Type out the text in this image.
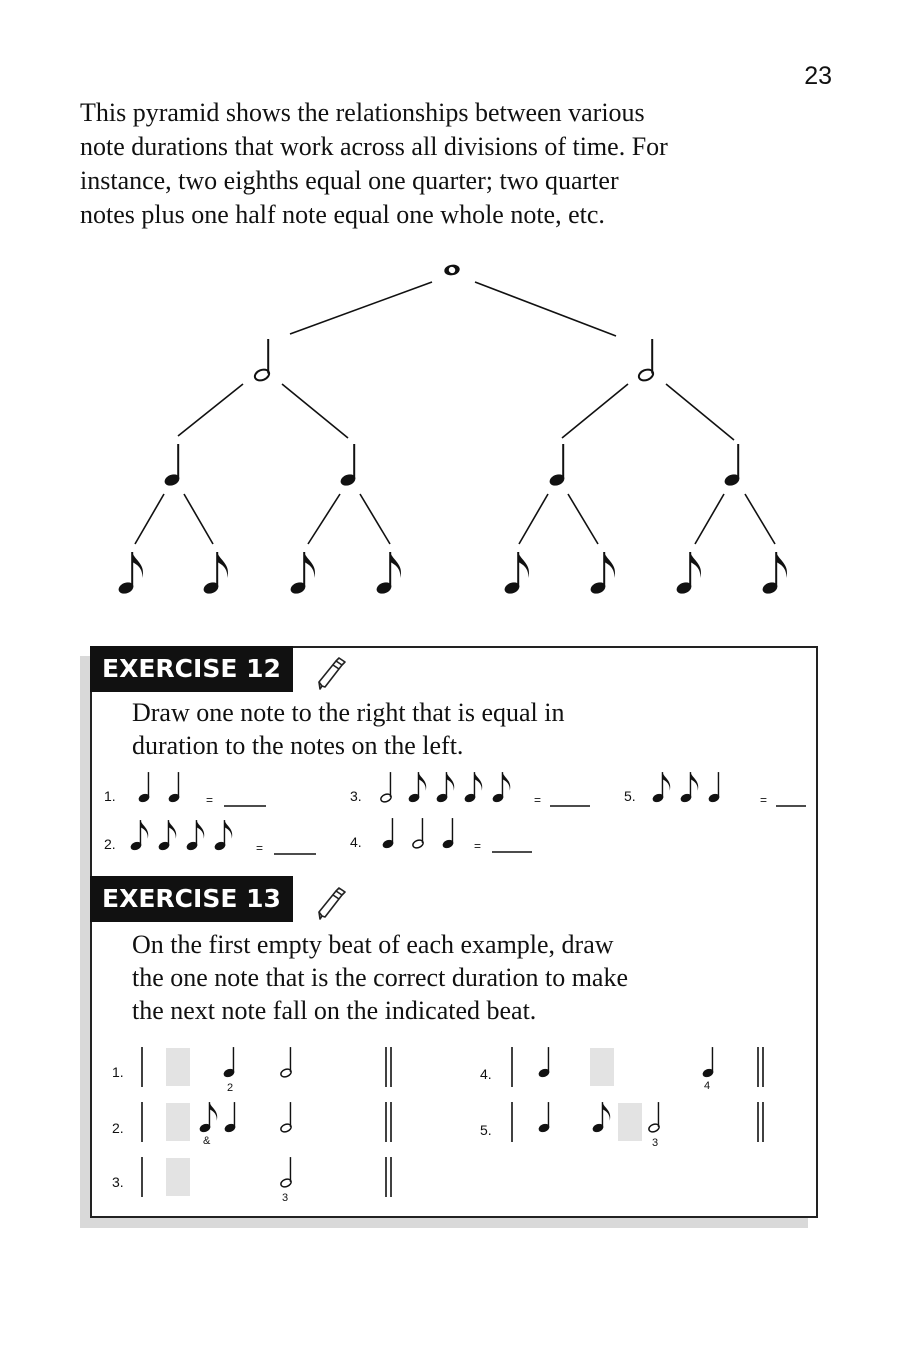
23

This pyramid shows the relationships between various
note durations that work across all divisions of time. For
instance, two eighths equal one quarter; two quarter
notes plus one half note equal one whole note, etc.

EXERCISE 12

Draw one note to the right that is equal in
duration to the notes on the left.

1.
2.
3.
4.
5.
=
=
=
=
=
EXERCISE 13

On the first empty beat of each example, draw
the one note that is the correct duration to make
the next note fall on the indicated beat.

1.
2.
3.
4.
5.
2
&
3
4
3
